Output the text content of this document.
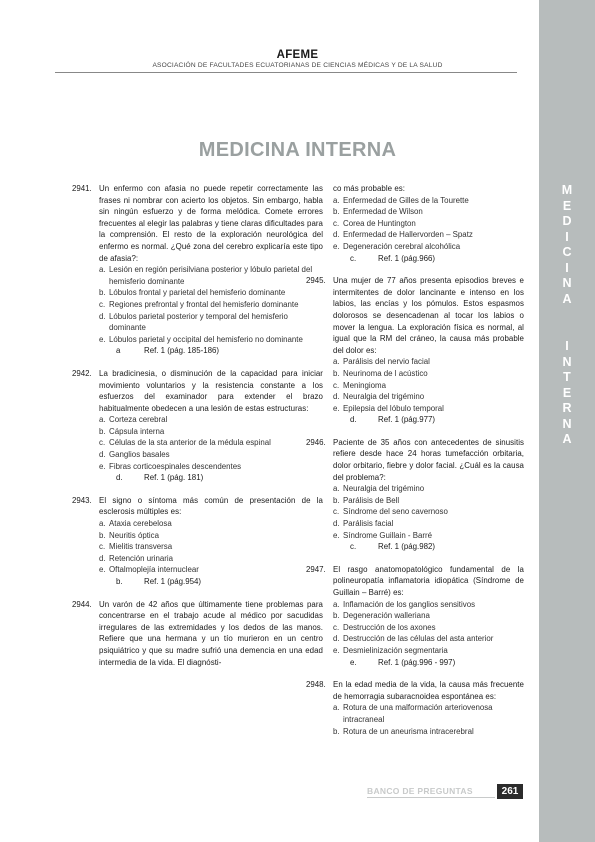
M
E
D
I
C
I
N
A
I
N
T
E
R
N
A
AFEME
ASOCIACIÓN DE FACULTADES ECUATORIANAS DE CIENCIAS MÉDICAS Y DE LA SALUD
MEDICINA INTERNA
2941. Un enfermo con afasia no puede repetir correctamente las frases ni nombrar con acierto los objetos. Sin embargo, habla sin ningún esfuerzo y de forma melódica. Comete errores frecuentes al elegir las palabras y tiene claras dificultades para la comprensión. El resto de la exploración neurológica del enfermo es normal. ¿Qué zona del cerebro explicaría este tipo de afasia?:
a. Lesión en región perisilviana posterior y lóbulo parietal del hemisferio dominante
b. Lóbulos frontal y parietal del hemisferio dominante
c. Regiones prefrontal y frontal del hemisferio dominante
d. Lóbulos parietal posterior y temporal del hemisferio dominante
e. Lóbulos parietal y occipital del hemisferio no dominante
a	Ref. 1 (pág. 185-186)
2942. La bradicinesia, o disminución de la capacidad para iniciar movimiento voluntarios y la resistencia constante a los esfuerzos del examinador para extender el brazo habitualmente obedecen a una lesión de estas estructuras:
a. Corteza cerebral
b. Cápsula interna
c. Células de la sta anterior de la médula espinal
d. Ganglios basales
e. Fibras corticoespinales descendentes
d.	Ref. 1 (pág. 181)
2943. El signo o síntoma más común de presentación de la esclerosis múltiples es:
a. Ataxia cerebelosa
b. Neuritis óptica
c. Mielitis transversa
d. Retención urinaria
e. Oftalmoplejía internuclear
b.	Ref. 1 (pág.954)
2944. Un varón de 42 años que últimamente tiene problemas para concentrarse en el trabajo acude al médico por sacudidas irregulares de las extremidades y los dedos de las manos. Refiere que una hermana y un tío murieron en un centro psiquiátrico y que su madre sufrió una demencia en una edad intermedia de la vida. El diagnósti-
co más probable es:
a. Enfermedad de Gilles de la Tourette
b. Enfermedad de Wilson
c. Corea de Huntington
d. Enfermedad de Hallervorden – Spatz
e. Degeneración cerebral alcohólica
c.	Ref. 1 (pág.966)
2945. Una mujer de 77 años presenta episodios breves e intermitentes de dolor lancinante e intenso en los labios, las encías y los pómulos. Estos espasmos dolorosos se desencadenan al tocar los labios o mover la lengua. La exploración física es normal, al igual que la RM del cráneo, la causa más probable del dolor es:
a. Parálisis del nervio facial
b. Neurinoma de l acústico
c. Meningioma
d. Neuralgia del trigémino
e. Epilepsia del lóbulo temporal
d.	Ref. 1 (pág.977)
2946. Paciente de 35 años con antecedentes de sinusitis refiere desde hace 24 horas tumefacción orbitaria, dolor orbitario, fiebre y dolor facial. ¿Cuál es la causa del problema?:
a. Neuralgia del trigémino
b. Parálisis de Bell
c. Síndrome del seno cavernoso
d. Parálisis facial
e. Síndrome Guillain - Barré
c.	Ref. 1 (pág.982)
2947. El rasgo anatomopatológico fundamental de la polineuropatía inflamatoria idiopática (Síndrome de Guillain – Barré) es:
a. Inflamación de los ganglios sensitivos
b. Degeneración walleriana
c. Destrucción de los axones
d. Destrucción de las células del asta anterior
e. Desmielinización segmentaria
e.	Ref. 1 (pág.996 - 997)
2948. En la edad media de la vida, la causa más frecuente de hemorragia subaracnoidea espontánea es:
a. Rotura de una malformación arteriovenosa intracraneal
b. Rotura de un aneurisma intracerebral
BANCO DE PREGUNTAS	261
